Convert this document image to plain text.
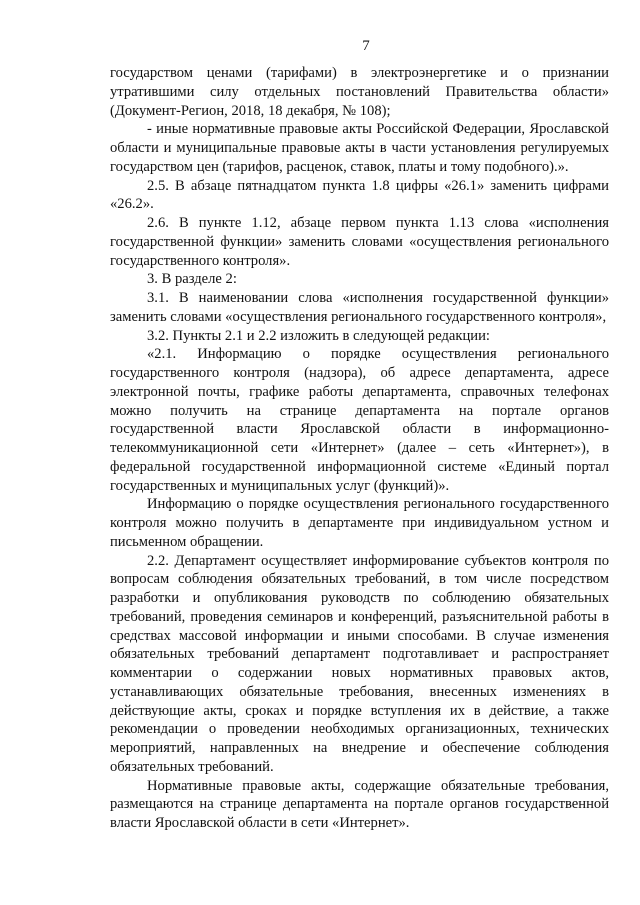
7

государством ценами (тарифами) в электроэнергетике и о признании утратившими силу отдельных постановлений Правительства области» (Документ-Регион, 2018, 18 декабря, № 108);

- иные нормативные правовые акты Российской Федерации, Ярославской области и муниципальные правовые акты в части установления регулируемых государством цен (тарифов, расценок, ставок, платы и тому подобного).».

2.5. В абзаце пятнадцатом пункта 1.8 цифры «26.1» заменить цифрами «26.2».

2.6. В пункте 1.12, абзаце первом пункта 1.13 слова «исполнения государственной функции» заменить словами «осуществления регионального государственного контроля».

3. В разделе 2:

3.1. В наименовании слова «исполнения государственной функции» заменить словами «осуществления регионального государственного контроля»,

3.2. Пункты 2.1 и 2.2 изложить в следующей редакции:

«2.1. Информацию о порядке осуществления регионального государственного контроля (надзора), об адресе департамента, адресе электронной почты, графике работы департамента, справочных телефонах можно получить на странице департамента на портале органов государственной власти Ярославской области в информационно-телекоммуникационной сети «Интернет» (далее – сеть «Интернет»), в федеральной государственной информационной системе «Единый портал государственных и муниципальных услуг (функций)».

Информацию о порядке осуществления регионального государственного контроля можно получить в департаменте при индивидуальном устном и письменном обращении.

2.2. Департамент осуществляет информирование субъектов контроля по вопросам соблюдения обязательных требований, в том числе посредством разработки и опубликования руководств по соблюдению обязательных требований, проведения семинаров и конференций, разъяснительной работы в средствах массовой информации и иными способами. В случае изменения обязательных требований департамент подготавливает и распространяет комментарии о содержании новых нормативных правовых актов, устанавливающих обязательные требования, внесенных изменениях в действующие акты, сроках и порядке вступления их в действие, а также рекомендации о проведении необходимых организационных, технических мероприятий, направленных на внедрение и обеспечение соблюдения обязательных требований.

Нормативные правовые акты, содержащие обязательные требования, размещаются на странице департамента на портале органов государственной власти Ярославской области в сети «Интернет».
